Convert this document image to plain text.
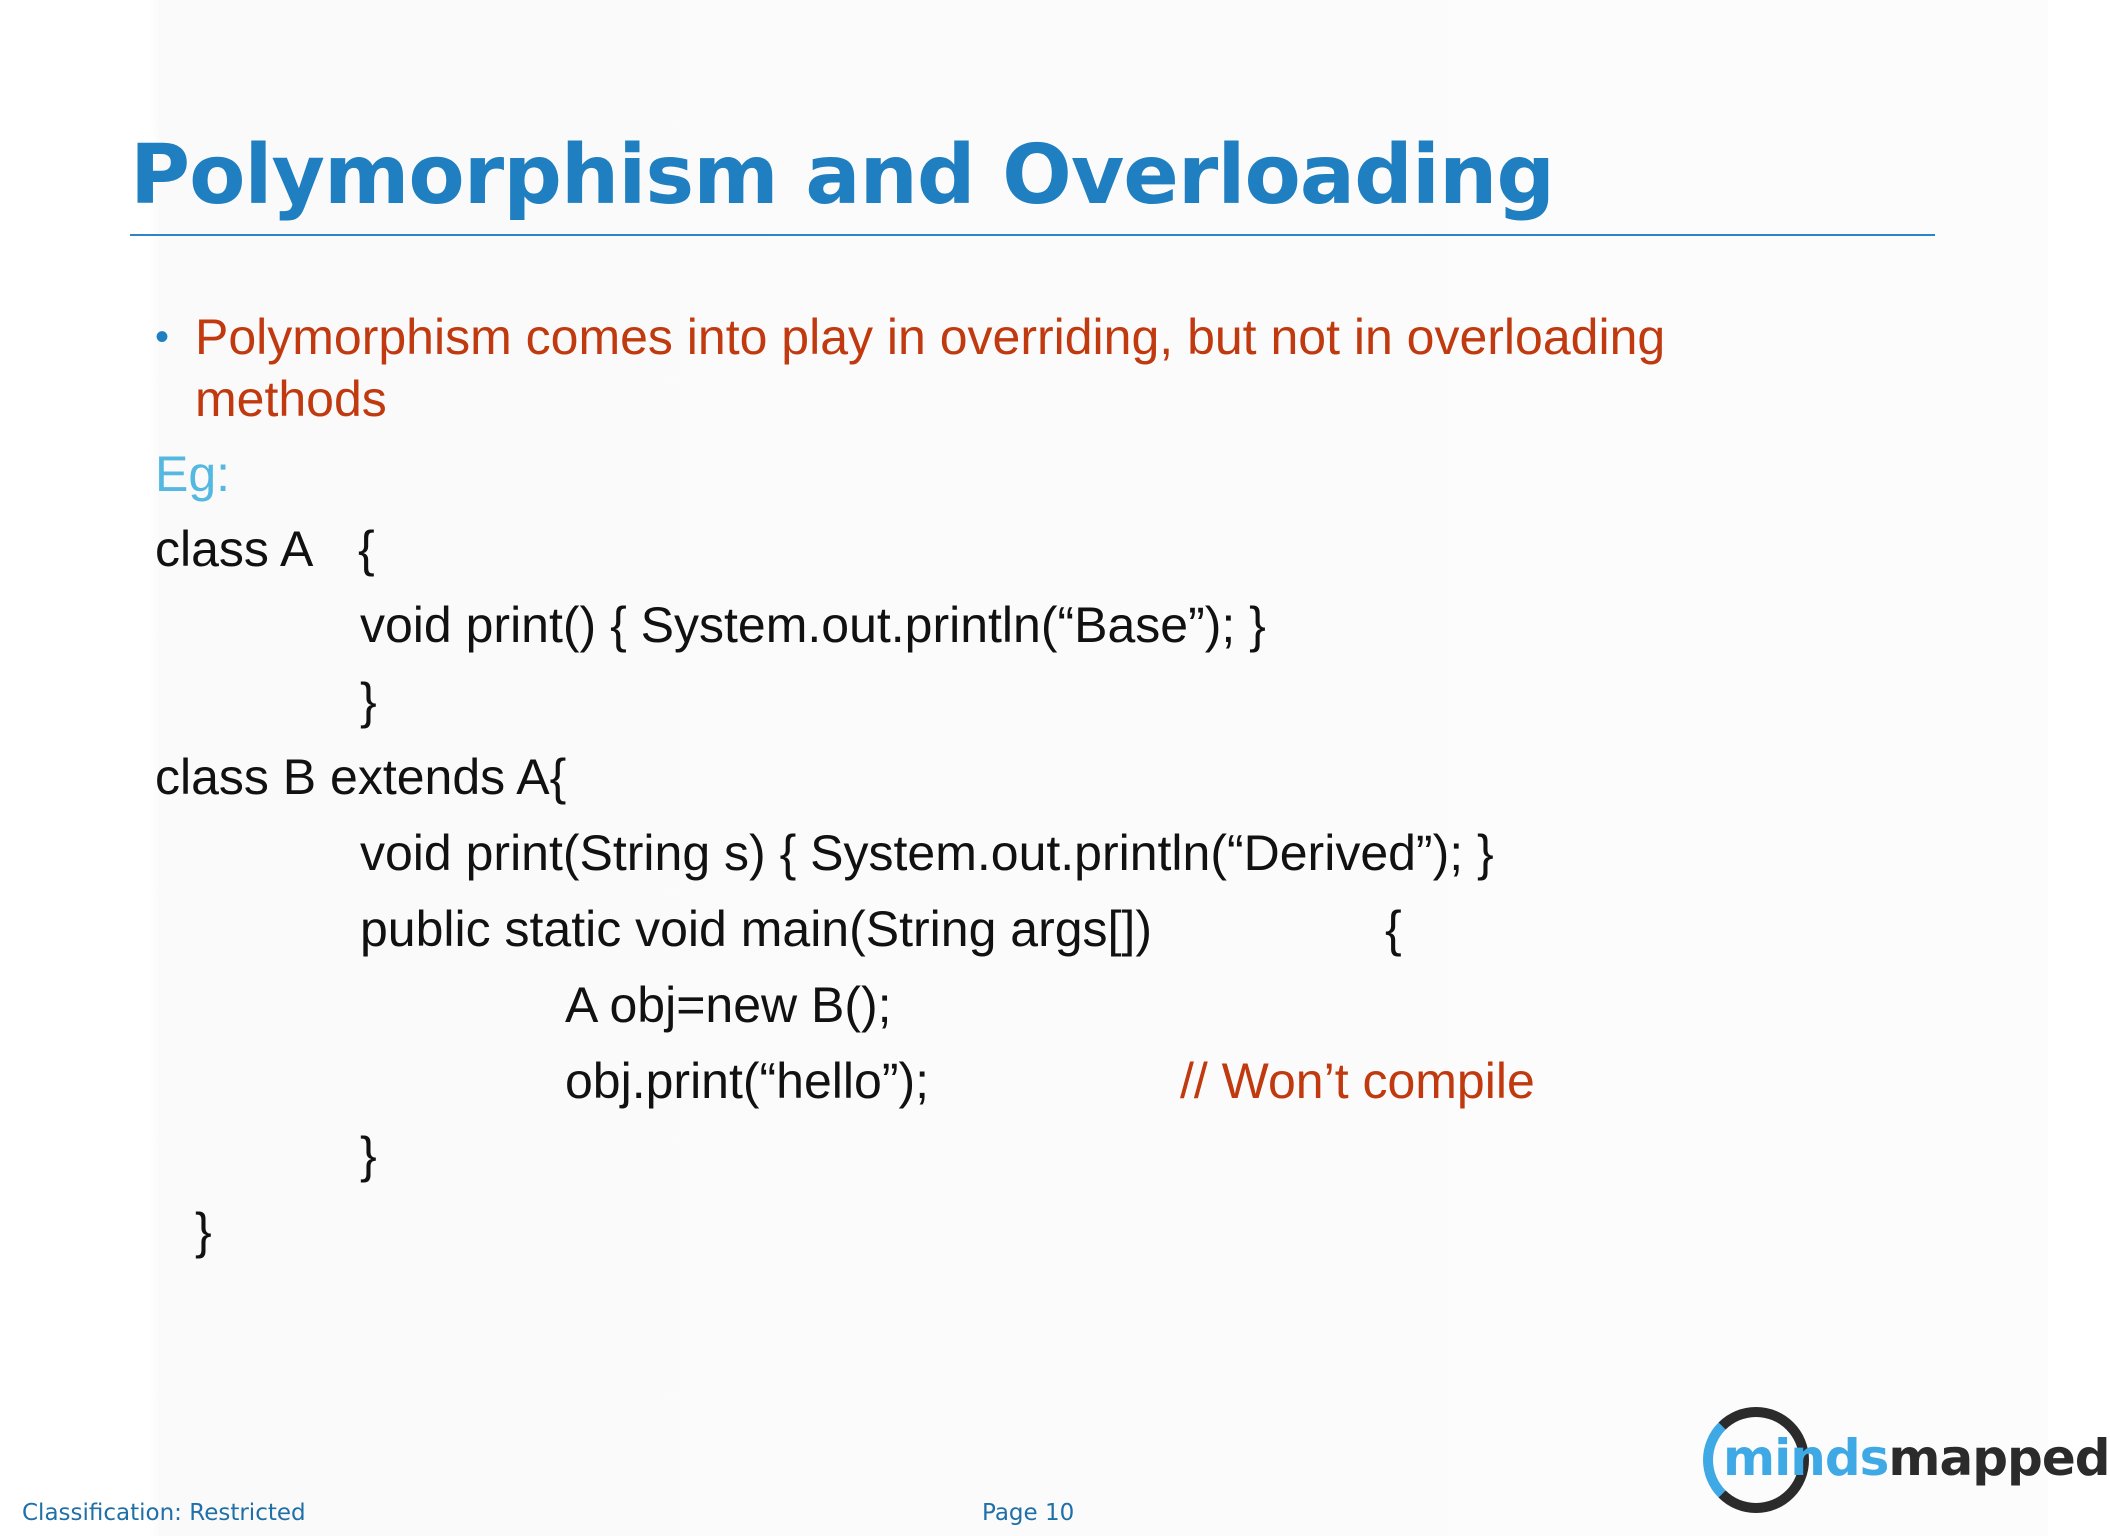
Polymorphism and Overloading
• Polymorphism comes into play in overriding, but not in overloading methods
Eg:
class A {
void print() { System.out.println(“Base”); }
}
class B extends A{
void print(String s) { System.out.println(“Derived”); }
public static void main(String args[])	{
A obj=new B();
obj.print(“hello”);	// Won’t compile
}
}
Classification: Restricted	Page 10
mindsmapped
